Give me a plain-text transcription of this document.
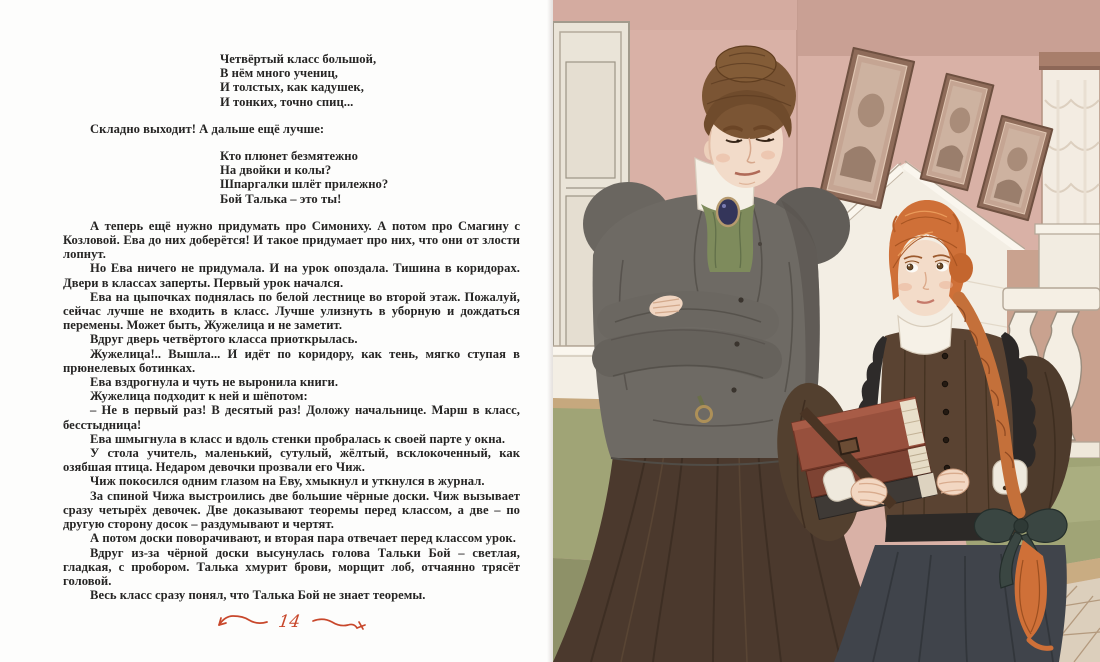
Четвёртый класс большой,
В нём много учениц,
И толстых, как кадушек,
И тонких, точно спиц...

Складно выходит! А дальше ещё лучше:

Кто плюнет безмятежно
На двойки и колы?
Шпаргалки шлёт прилежно?
Бой Талька – это ты!

А теперь ещё нужно придумать про Симониху. А потом про Смагину с Козловой. Ева до них доберётся! И такое придумает про них, что они от злости лопнут.

Но Ева ничего не придумала. И на урок опоздала. Тишина в коридорах. Двери в классах заперты. Первый урок начался.

Ева на цыпочках поднялась по белой лестнице во второй этаж. Пожалуй, сейчас лучше не входить в класс. Лучше улизнуть в уборную и дождаться перемены. Может быть, Жужелица и не заметит.

Вдруг дверь четвёртого класса приоткрылась.

Жужелица!.. Вышла... И идёт по коридору, как тень, мягко ступая в прюнелевых ботинках.

Ева вздрогнула и чуть не выронила книги.

Жужелица подходит к ней и шёпотом:

– Не в первый раз! В десятый раз! Доложу начальнице. Марш в класс, бесстыдница!

Ева шмыгнула в класс и вдоль стенки пробралась к своей парте у окна.

У стола учитель, маленький, сутулый, жёлтый, всклокоченный, как озябшая птица. Недаром девочки прозвали его Чиж.

Чиж покосился одним глазом на Еву, хмыкнул и уткнулся в журнал.

За спиной Чижа выстроились две большие чёрные доски. Чиж вызывает сразу четырёх девочек. Две доказывают теоремы перед классом, а две – по другую сторону досок – раздумывают и чертят.

А потом доски поворачивают, и вторая пара отвечает перед классом урок.

Вдруг из-за чёрной доски высунулась голова Тальки Бой – светлая, гладкая, с пробором. Талька хмурит брови, морщит лоб, отчаянно трясёт головой.

Весь класс сразу понял, что Талька Бой не знает теоремы.

14
